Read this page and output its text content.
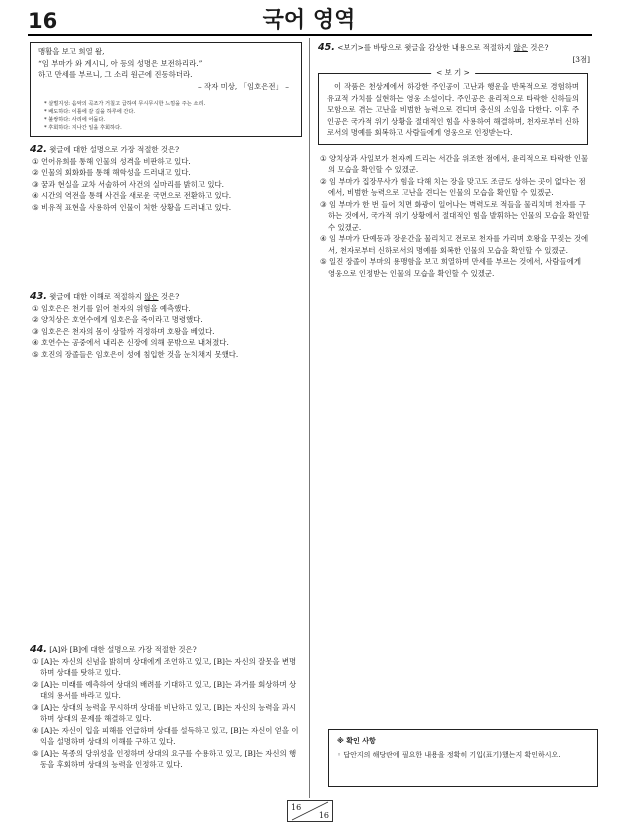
16	국어 영역
맹활을 보고 희열 왈,
“임 부마가 와 계시니, 아 등의 성명은 보전하리라.”
하고 만세를 부르니, 그 소리 원근에 진동하더라.
– 작자 미상, 「임호은전」 –
* 살벌지성: 음악의 곡조가 거칠고 급하여 무시무시한 느낌을 주는 소리.
* 배도하다: 이틀에 갈 길을 하루에 간다.
* 불쌍하다: 사리에 어둡다.
* 후회하다: 지나간 일을 후회하다.
42. 윗글에 대한 설명으로 가장 적절한 것은?
① 언어유희를 통해 인물의 성격을 비판하고 있다.
② 인물의 회화화를 통해 해학성을 드러내고 있다.
③ 꿈과 현실을 교차 서술하여 사건의 실마리를 밝히고 있다.
④ 시간의 역전을 통해 사건을 새로운 국면으로 전환하고 있다.
⑤ 비유적 표현을 사용하여 인물이 처한 상황을 드러내고 있다.
43. 윗글에 대한 이해로 적절하지 않은 것은?
① 임호은은 천기를 읽어 천자의 위험을 예측했다.
② 양치상은 호연수에게 임호은을 죽이라고 명령했다.
③ 임호은은 천자의 몸이 상할까 걱정하며 호왕을 베었다.
④ 호연수는 공중에서 내리온 신장에 의해 문밖으로 내쳐졌다.
⑤ 호진의 장졸들은 임호은이 성에 침입한 것을 눈치채지 못했다.
44. [A]와 [B]에 대한 설명으로 가장 적절한 것은?
① [A]는 자신의 신념을 밝히며 상대에게 조언하고 있고, [B]는 자신의 잘못을 변명하며 상대를 탓하고 있다.
② [A]는 미래를 예측하여 상대의 배려를 기대하고 있고, [B]는 과거를 회상하며 상대의 용서를 바라고 있다.
③ [A]는 상대의 능력을 무시하며 상대를 비난하고 있고, [B]는 자신의 능력을 과시하며 상대의 문제를 해결하고 있다.
④ [A]는 자신이 입을 피해를 언급하며 상대를 설득하고 있고, [B]는 자신이 얻을 이익을 설명하며 상대의 이해를 구하고 있다.
⑤ [A]는 목종의 당위성을 인정하며 상대의 요구를 수용하고 있고, [B]는 자신의 행동을 후회하며 상대의 능력을 인정하고 있다.
45. <보기>를 바탕으로 윗글을 감상한 내용으로 적절하지 않은 것은?
[3점]
< 보 기 >
이 작품은 천상계에서 하강한 주인공이 고난과 행운을 반복적으로 경험하며 유교적 가치를 실현하는 영웅 소설이다. 주인공은 윤리적으로 타락한 신하들의 모함으로 겪는 고난을 비범한 능력으로 견디며 충신의 소임을 다한다. 이후 주인공은 국가적 위기 상황을 절대적인 힘을 사용하여 해결하며, 천자로부터 신하로서의 명예를 회복하고 사람들에게 영웅으로 인정받는다.
① 양치상과 사일보가 천자께 드리는 서간을 위조한 점에서, 윤리적으로 타락한 인물의 모습을 확인할 수 있겠군.
② 임 부마가 집장무사가 힘을 다해 치는 장을 맞고도 조금도 상하는 곳이 없다는 점에서, 비범한 능력으로 고난을 견디는 인물의 모습을 확인할 수 있겠군.
③ 임 부마가 한 번 들어 치면 화광이 일어나는 벽력도로 적들을 물리치며 천자를 구하는 것에서, 국가적 위기 상황에서 절대적인 힘을 발휘하는 인물의 모습을 확인할 수 있겠군.
④ 임 부마가 단예동과 장운간을 물리치고 전로로 천자를 가리며 호왕을 꾸짖는 것에서, 천자로부터 신하로서의 명예를 회복한 인물의 모습을 확인할 수 있겠군.
⑤ 일진 장졸이 부마의 용맹함을 보고 희열하며 만세를 부르는 것에서, 사람들에게 영웅으로 인정받는 인물의 모습을 확인할 수 있겠군.
※ 확인 사항
◦ 답안지의 해당란에 필요한 내용을 정확히 기입(표기)했는지 확인하시오.
16
16
